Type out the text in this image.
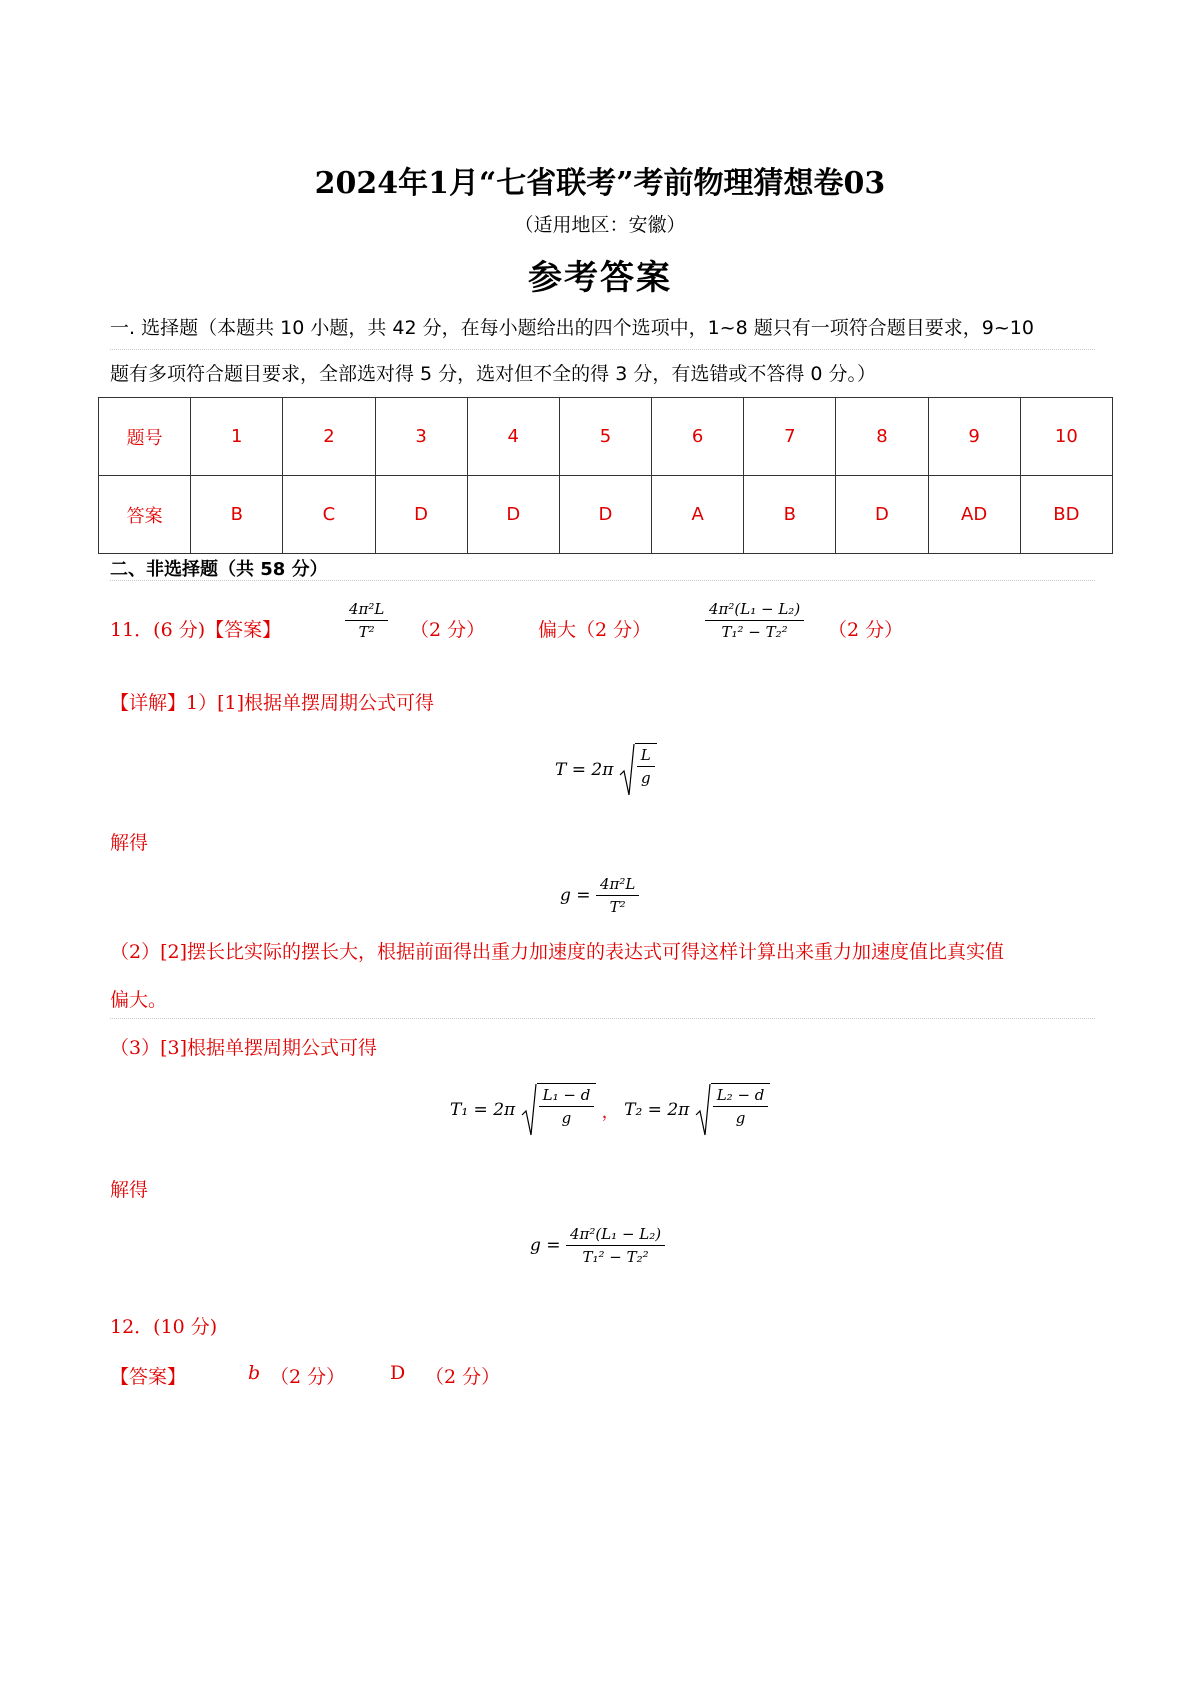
2024年1月“七省联考”考前物理猜想卷03
（适用地区：安徽）
参考答案
一. 选择题（本题共 10 小题，共 42 分，在每小题给出的四个选项中，1~8 题只有一项符合题目要求，9~10
题有多项符合题目要求，全部选对得 5 分，选对但不全的得 3 分，有选错或不答得 0 分。）
题号	1	2	3	4	5	6	7	8	9	10
答案	B	C	D	D	D	A	B	D	AD	BD
二、非选择题（共 58 分）
11．(6 分)【答案】	$\frac{\text{4π²L}}{\text{T²}} (2$ 分）	偏大（2 分）	$\frac{\text{4π²(L₁ − L₂)}}{\text{T₁² − T₂²}} (2$ 分）
【详解】1）[1]根据单摆周期公式可得
$T = 2\pi \frac{L}{g}$
解得
$g = \frac{\text{4π²L}}{\text{T²}}$
（2）[2]摆长比实际的摆长大，根据前面得出重力加速度的表达式可得这样计算出来重力加速度值比真实值
偏大。
（3）[3]根据单摆周期公式可得
$T_1 = 2\pi \frac{\text{L₁ − d}}{g}$ ， $T_2 = 2\pi \frac{\text{L₂ − d}}{g}$
解得
$g = \frac{\text{4π²(L₁ − L₂)}}{\text{T₁² − T₂²}}$
12．(10 分)
【答案】	b （2 分） D （2 分）
